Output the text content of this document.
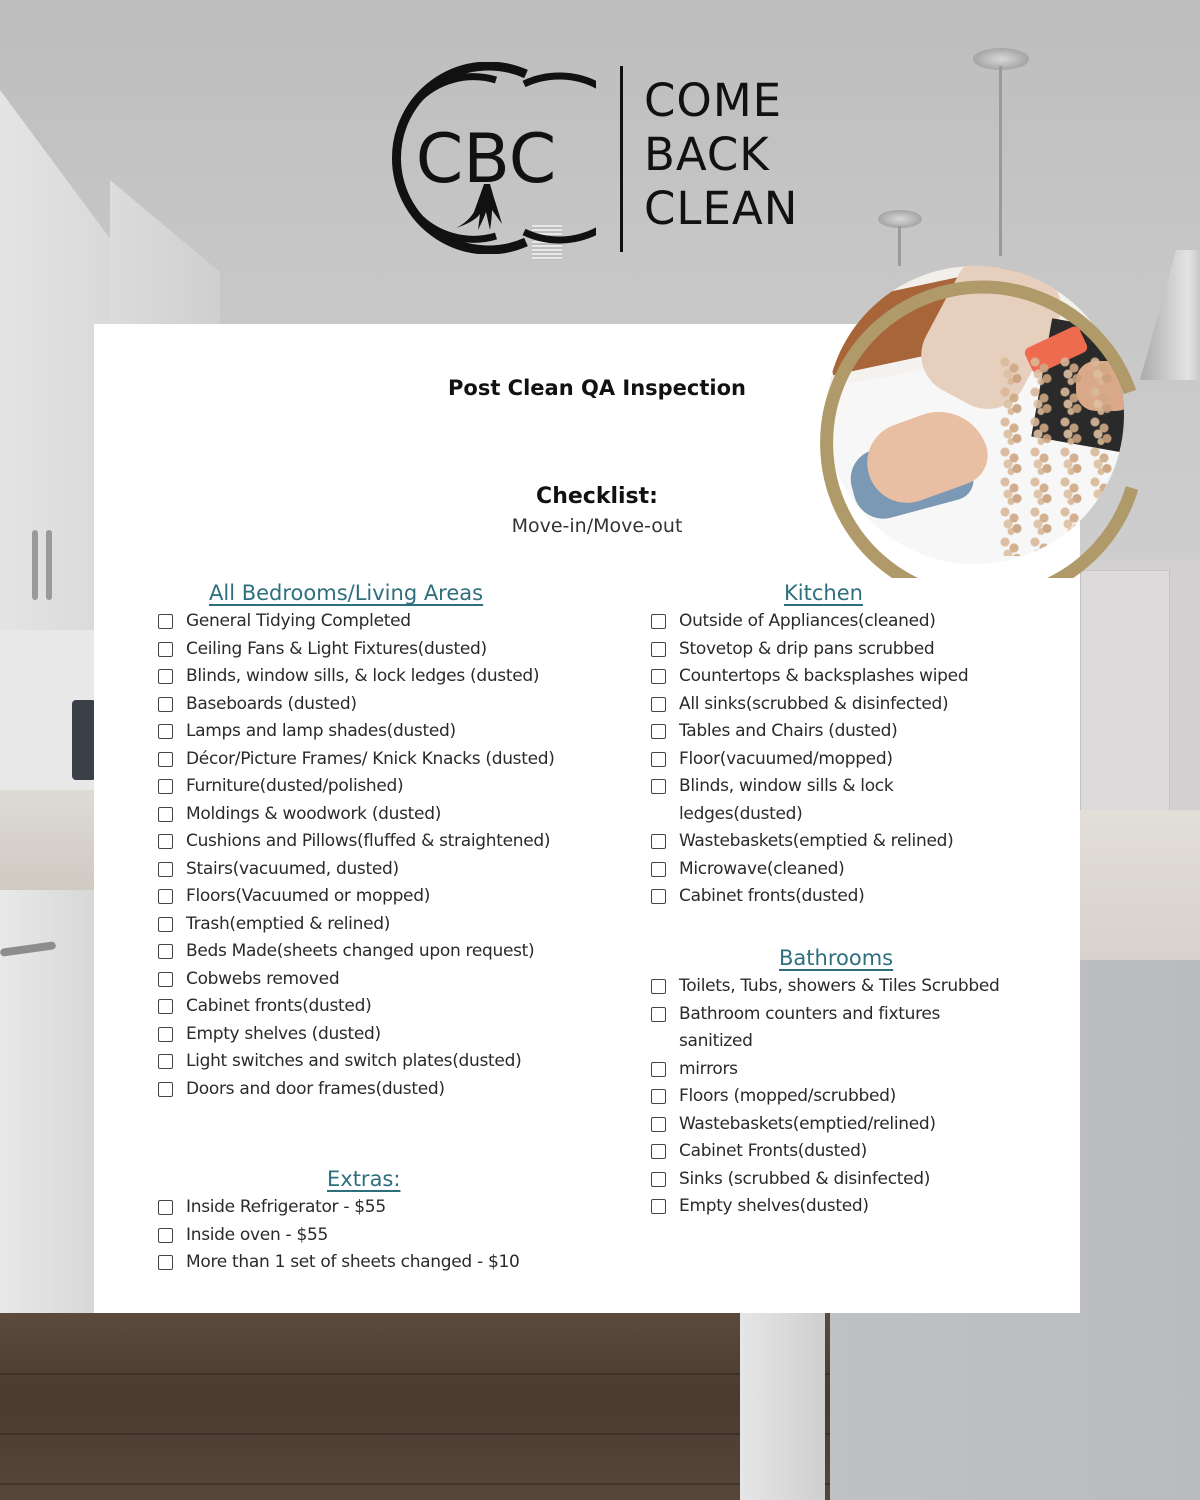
CBC
COME
BACK
CLEAN
Post Clean QA Inspection
Checklist:
Move-in/Move-out
All Bedrooms/Living Areas
General Tidying Completed
Ceiling Fans & Light Fixtures(dusted)
Blinds, window sills, & lock ledges (dusted)
Baseboards (dusted)
Lamps and lamp shades(dusted)
Décor/Picture Frames/ Knick Knacks (dusted)
Furniture(dusted/polished)
Moldings & woodwork (dusted)
Cushions and Pillows(fluffed & straightened)
Stairs(vacuumed, dusted)
Floors(Vacuumed or mopped)
Trash(emptied & relined)
Beds Made(sheets changed upon request)
Cobwebs removed
Cabinet fronts(dusted)
Empty shelves (dusted)
Light switches and switch plates(dusted)
Doors and door frames(dusted)
Extras:
Inside Refrigerator - $55
Inside oven - $55
More than 1 set of sheets changed - $10
Kitchen
Outside of Appliances(cleaned)
Stovetop & drip pans scrubbed
Countertops & backsplashes wiped
All sinks(scrubbed & disinfected)
Tables and Chairs (dusted)
Floor(vacuumed/mopped)
Blinds, window sills & lock ledges(dusted)
Wastebaskets(emptied & relined)
Microwave(cleaned)
Cabinet fronts(dusted)
Bathrooms
Toilets, Tubs, showers & Tiles Scrubbed
Bathroom counters and fixtures sanitized
mirrors
Floors (mopped/scrubbed)
Wastebaskets(emptied/relined)
Cabinet Fronts(dusted)
Sinks (scrubbed & disinfected)
Empty shelves(dusted)
